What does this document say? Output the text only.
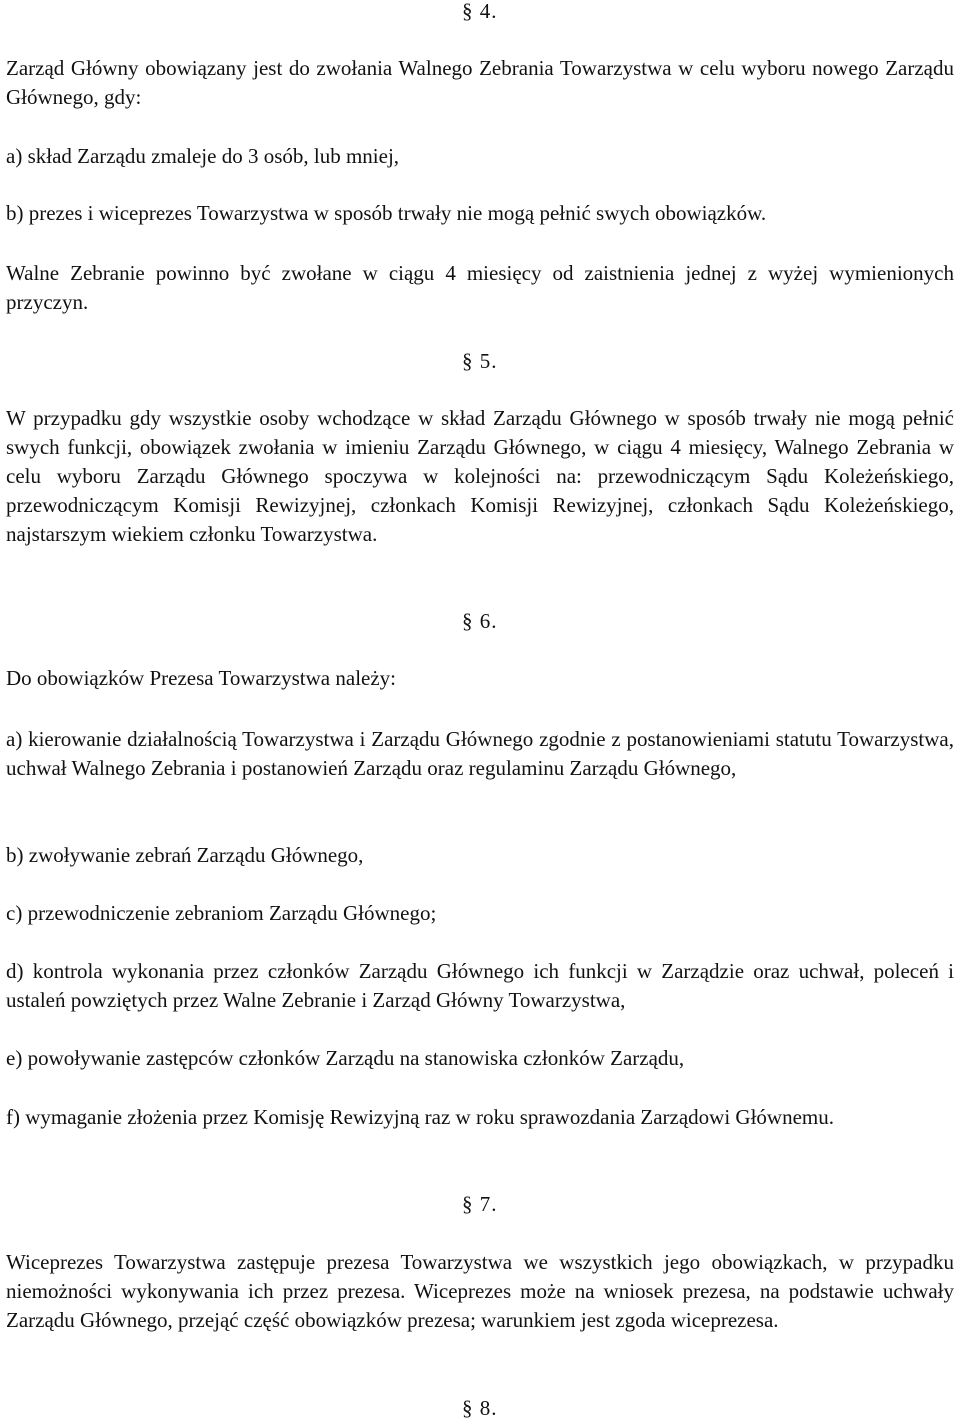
§ 4.

Zarząd Główny obowiązany jest do zwołania Walnego Zebrania Towarzystwa w celu wyboru nowego Zarządu Głównego, gdy:

a) skład Zarządu zmaleje do 3 osób, lub mniej,

b) prezes i wiceprezes Towarzystwa w sposób trwały nie mogą pełnić swych obowiązków.

Walne Zebranie powinno być zwołane w ciągu 4 miesięcy od zaistnienia jednej z wyżej wymienionych przyczyn.

§ 5.

W przypadku gdy wszystkie osoby wchodzące w skład Zarządu Głównego w sposób trwały nie mogą pełnić swych funkcji, obowiązek zwołania w imieniu Zarządu Głównego, w ciągu 4 miesięcy, Walnego Zebrania w celu wyboru Zarządu Głównego spoczywa w kolejności na: przewodniczącym Sądu Koleżeńskiego, przewodniczącym Komisji Rewizyjnej, członkach Komisji Rewizyjnej, członkach Sądu Koleżeńskiego, najstarszym wiekiem członku Towarzystwa.

§ 6.

Do obowiązków Prezesa Towarzystwa należy:

a) kierowanie działalnością Towarzystwa i Zarządu Głównego zgodnie z postanowieniami statutu Towarzystwa, uchwał Walnego Zebrania i postanowień Zarządu oraz regulaminu Zarządu Głównego,

b) zwoływanie zebrań Zarządu Głównego,

c) przewodniczenie zebraniom Zarządu Głównego;

d) kontrola wykonania przez członków Zarządu Głównego ich funkcji w Zarządzie oraz uchwał, poleceń i ustaleń powziętych przez Walne Zebranie i Zarząd Główny Towarzystwa,

e) powoływanie zastępców członków Zarządu na stanowiska członków Zarządu,

f) wymaganie złożenia przez Komisję Rewizyjną raz w roku sprawozdania Zarządowi Głównemu.

§ 7.

Wiceprezes Towarzystwa zastępuje prezesa Towarzystwa we wszystkich jego obowiązkach, w przypadku niemożności wykonywania ich przez prezesa. Wiceprezes może na wniosek prezesa, na podstawie uchwały Zarządu Głównego, przejąć część obowiązków prezesa; warunkiem jest zgoda wiceprezesa.

§ 8.
